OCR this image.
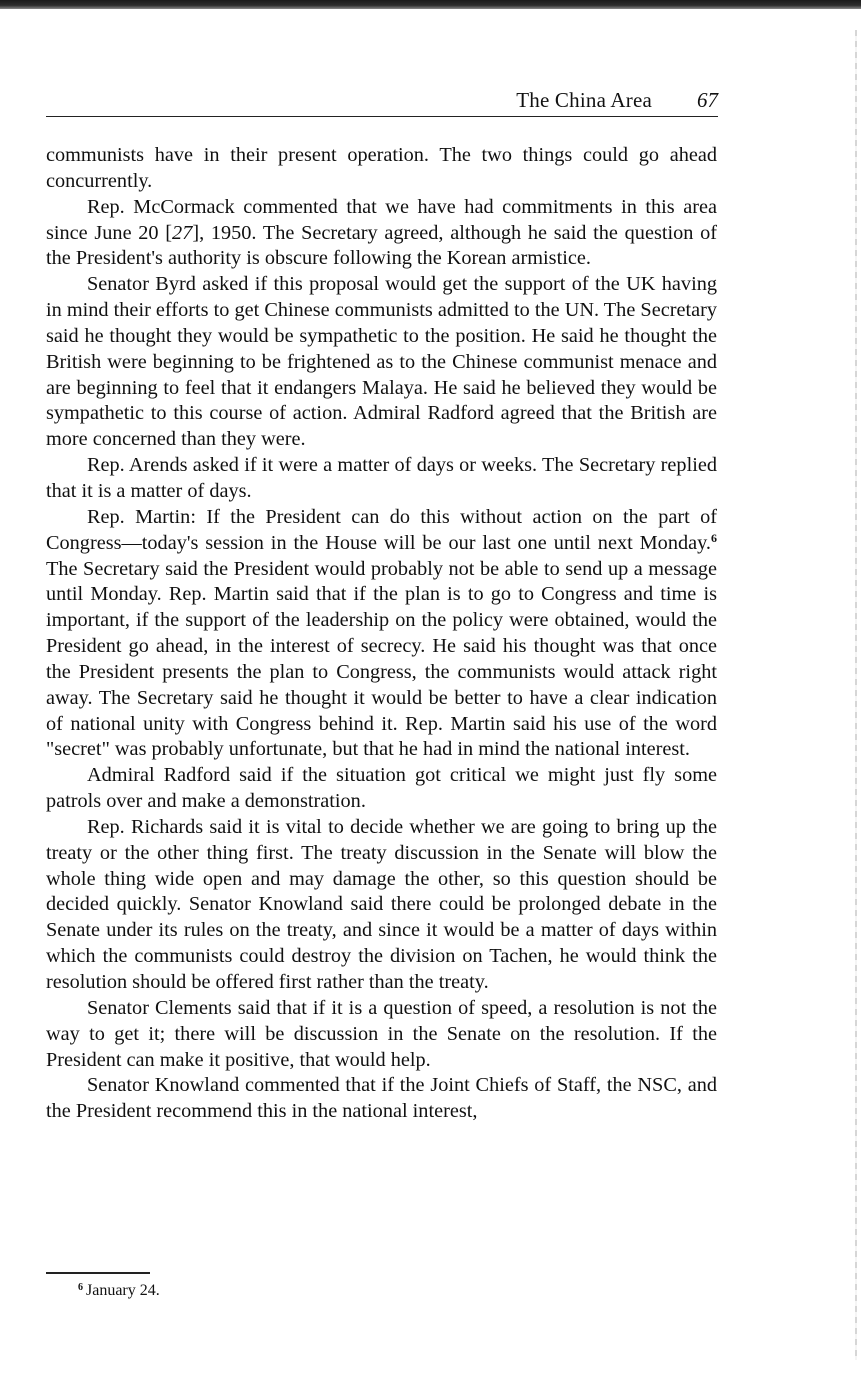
The China Area 67

communists have in their present operation. The two things could go ahead concurrently.

Rep. McCormack commented that we have had commitments in this area since June 20 [27], 1950. The Secretary agreed, although he said the question of the President's authority is obscure following the Korean armistice.

Senator Byrd asked if this proposal would get the support of the UK having in mind their efforts to get Chinese communists admitted to the UN. The Secretary said he thought they would be sympathetic to the position. He said he thought the British were beginning to be frightened as to the Chinese communist menace and are beginning to feel that it endangers Malaya. He said he believed they would be sympathetic to this course of action. Admiral Radford agreed that the British are more concerned than they were.

Rep. Arends asked if it were a matter of days or weeks. The Secretary replied that it is a matter of days.

Rep. Martin: If the President can do this without action on the part of Congress—today's session in the House will be our last one until next Monday.$^6$ The Secretary said the President would probably not be able to send up a message until Monday. Rep. Martin said that if the plan is to go to Congress and time is important, if the support of the leadership on the policy were obtained, would the President go ahead, in the interest of secrecy. He said his thought was that once the President presents the plan to Congress, the communists would attack right away. The Secretary said he thought it would be better to have a clear indication of national unity with Congress behind it. Rep. Martin said his use of the word "secret" was probably unfortunate, but that he had in mind the national interest.

Admiral Radford said if the situation got critical we might just fly some patrols over and make a demonstration.

Rep. Richards said it is vital to decide whether we are going to bring up the treaty or the other thing first. The treaty discussion in the Senate will blow the whole thing wide open and may damage the other, so this question should be decided quickly. Senator Knowland said there could be prolonged debate in the Senate under its rules on the treaty, and since it would be a matter of days within which the communists could destroy the division on Tachen, he would think the resolution should be offered first rather than the treaty.

Senator Clements said that if it is a question of speed, a resolution is not the way to get it; there will be discussion in the Senate on the resolution. If the President can make it positive, that would help.

Senator Knowland commented that if the Joint Chiefs of Staff, the NSC, and the President recommend this in the national interest,

$^6$ January 24.
